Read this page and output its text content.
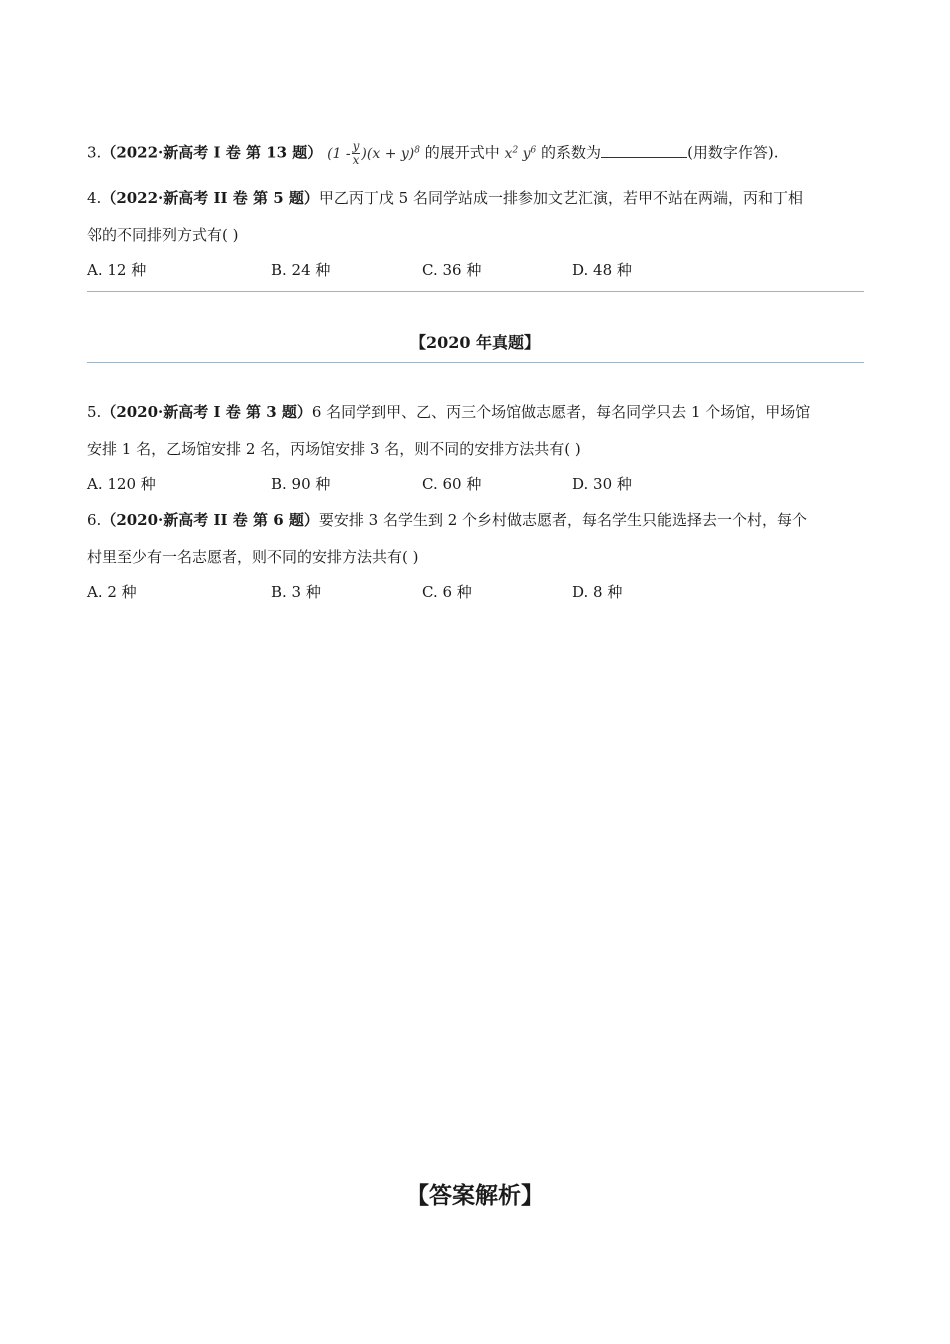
3.（2022·新高考 I 卷 第 13 题） $(1 - \frac{y}{x} )(x + y)^8$ 的展开式中 $x^2$ $y^6$ 的系数为	(用数字作答).
4.（2022·新高考 II 卷 第 5 题）甲乙丙丁戊 5 名同学站成一排参加文艺汇演，若甲不站在两端，丙和丁相
邻的不同排列方式有( )
A. 12 种	B. 24 种	C. 36 种	D. 48 种
【2020 年真题】
5.（2020·新高考 I 卷 第 3 题）6 名同学到甲、乙、丙三个场馆做志愿者，每名同学只去 1 个场馆，甲场馆
安排 1 名，乙场馆安排 2 名，丙场馆安排 3 名，则不同的安排方法共有( )
A. 120 种	B. 90 种	C. 60 种	D. 30 种
6.（2020·新高考 II 卷 第 6 题）要安排 3 名学生到 2 个乡村做志愿者，每名学生只能选择去一个村，每个
村里至少有一名志愿者，则不同的安排方法共有( )
A. 2 种	B. 3 种	C. 6 种	D. 8 种
【答案解析】
